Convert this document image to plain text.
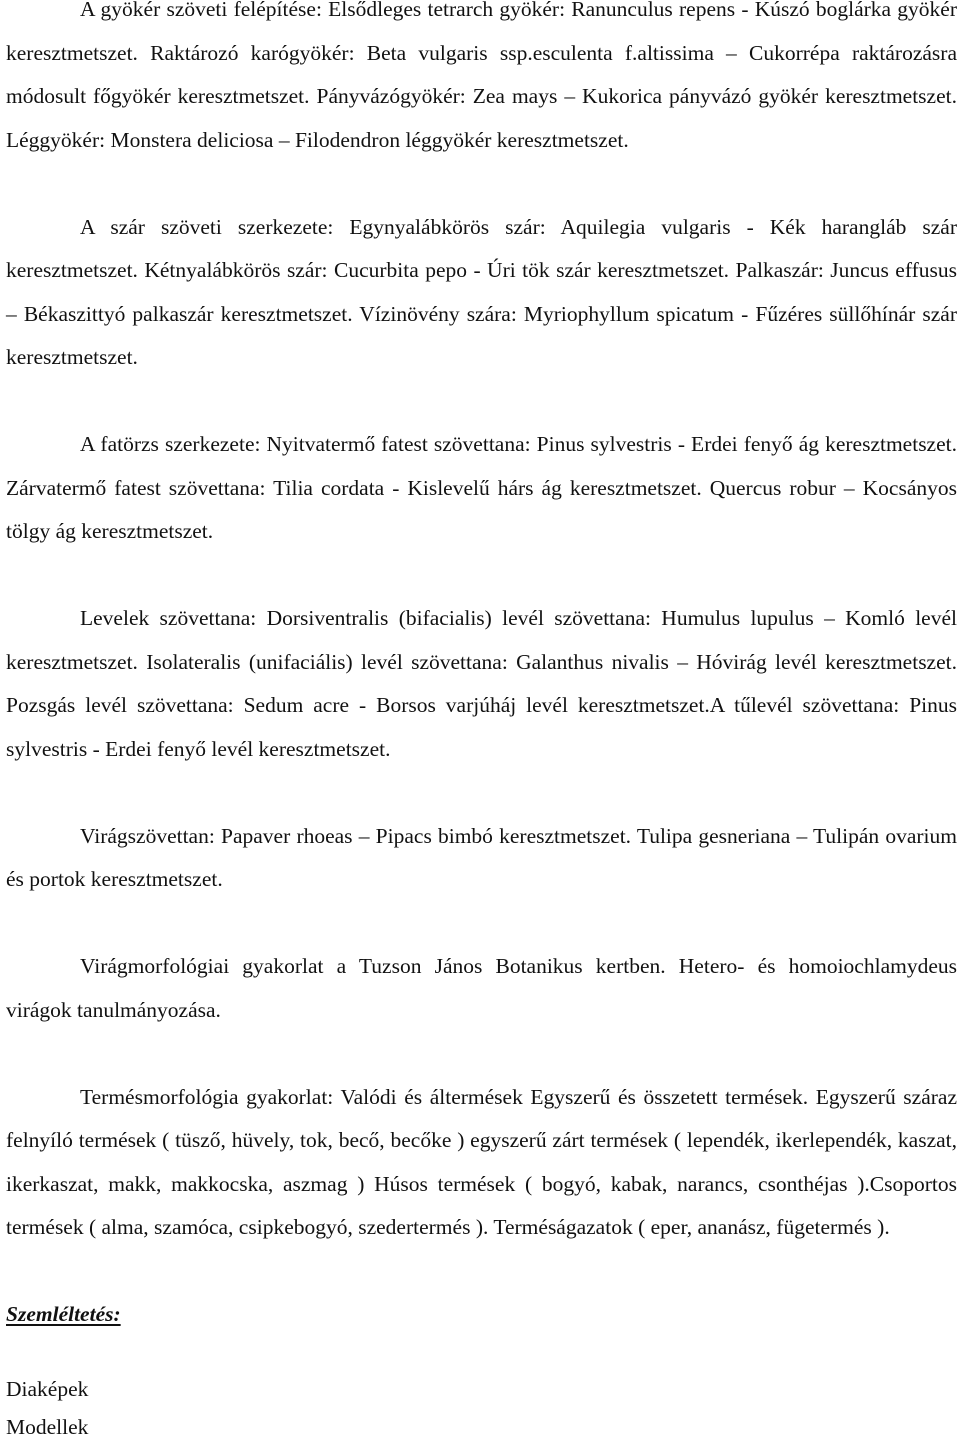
A gyökér szöveti felépítése: Elsődleges tetrarch gyökér: Ranunculus repens - Kúszó boglárka gyökér keresztmetszet. Raktározó karógyökér: Beta vulgaris ssp.esculenta f.altissima – Cukorrépa raktározásra módosult főgyökér keresztmetszet. Pányvázógyökér: Zea mays – Kukorica pányvázó gyökér keresztmetszet. Léggyökér: Monstera deliciosa – Filodendron léggyökér keresztmetszet.

A szár szöveti szerkezete: Egynyalábkörös szár: Aquilegia vulgaris - Kék harangláb szár keresztmetszet. Kétnyalábkörös szár: Cucurbita pepo - Úri tök szár keresztmetszet. Palkaszár: Juncus effusus – Békaszittyó palkaszár keresztmetszet. Vízinövény szára: Myriophyllum spicatum - Fűzéres süllőhínár szár keresztmetszet.

A fatörzs szerkezete: Nyitvatermő fatest szövettana: Pinus sylvestris - Erdei fenyő ág keresztmetszet. Zárvatermő fatest szövettana: Tilia cordata - Kislevelű hárs ág keresztmetszet. Quercus robur – Kocsányos tölgy ág keresztmetszet.

Levelek szövettana: Dorsiventralis (bifacialis) levél szövettana: Humulus lupulus – Komló levél keresztmetszet. Isolateralis (unifaciális) levél szövettana: Galanthus nivalis – Hóvirág levél keresztmetszet. Pozsgás levél szövettana: Sedum acre - Borsos varjúháj levél keresztmetszet.A tűlevél szövettana: Pinus sylvestris - Erdei fenyő levél keresztmetszet.

Virágszövettan: Papaver rhoeas – Pipacs bimbó keresztmetszet. Tulipa gesneriana – Tulipán ovarium és portok keresztmetszet.

Virágmorfológiai gyakorlat a Tuzson János Botanikus kertben. Hetero- és homoiochlamydeus virágok tanulmányozása.

Termésmorfológia gyakorlat: Valódi és áltermések Egyszerű és összetett termések. Egyszerű száraz felnyíló termések ( tüsző, hüvely, tok, becő, becőke ) egyszerű zárt termések ( lependék, ikerlependék, kaszat, ikerkaszat, makk, makkocska, aszmag ) Húsos termések ( bogyó, kabak, narancs, csonthéjas ).Csoportos termések ( alma, szamóca, csipkebogyó, szedertermés ). Terméságazatok ( eper, ananász, fügetermés ).

Szemléltetés:

Diaképek

Modellek
